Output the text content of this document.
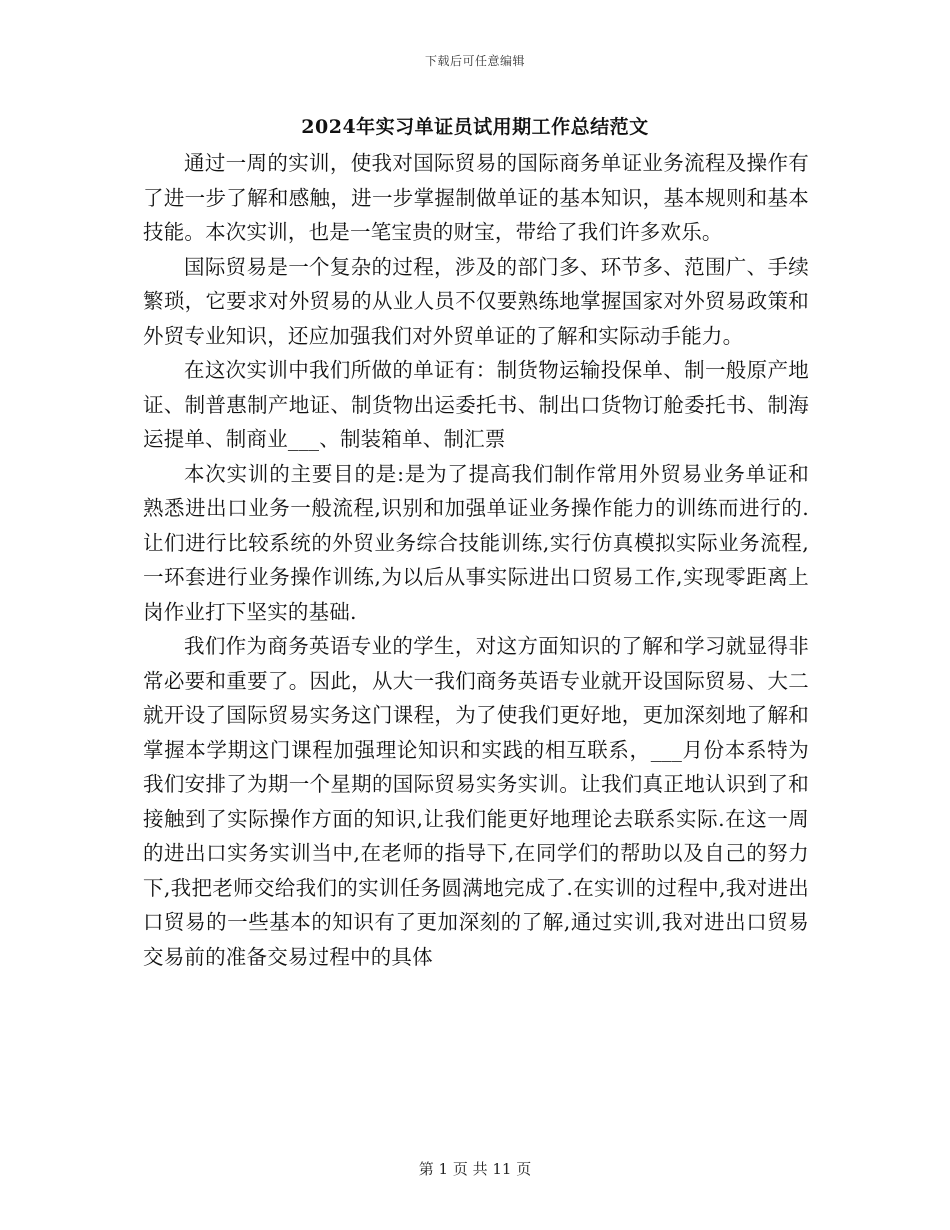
下载后可任意编辑
2024年实习单证员试用期工作总结范文

通过一周的实训，使我对国际贸易的国际商务单证业务流程及操作有了进一步了解和感触，进一步掌握制做单证的基本知识，基本规则和基本技能。本次实训，也是一笔宝贵的财宝，带给了我们许多欢乐。

国际贸易是一个复杂的过程，涉及的部门多、环节多、范围广、手续繁琐，它要求对外贸易的从业人员不仅要熟练地掌握国家对外贸易政策和外贸专业知识，还应加强我们对外贸单证的了解和实际动手能力。

在这次实训中我们所做的单证有：制货物运输投保单、制一般原产地证、制普惠制产地证、制货物出运委托书、制出口货物订舱委托书、制海运提单、制商业___、制装箱单、制汇票

本次实训的主要目的是:是为了提高我们制作常用外贸易业务单证和熟悉进出口业务一般流程,识别和加强单证业务操作能力的训练而进行的.让们进行比较系统的外贸业务综合技能训练,实行仿真模拟实际业务流程,一环套进行业务操作训练,为以后从事实际进出口贸易工作,实现零距离上岗作业打下坚实的基础.

我们作为商务英语专业的学生，对这方面知识的了解和学习就显得非常必要和重要了。因此，从大一我们商务英语专业就开设国际贸易、大二就开设了国际贸易实务这门课程，为了使我们更好地，更加深刻地了解和掌握本学期这门课程加强理论知识和实践的相互联系，___月份本系特为我们安排了为期一个星期的国际贸易实务实训。让我们真正地认识到了和接触到了实际操作方面的知识,让我们能更好地理论去联系实际.在这一周的进出口实务实训当中,在老师的指导下,在同学们的帮助以及自己的努力下,我把老师交给我们的实训任务圆满地完成了.在实训的过程中,我对进出口贸易的一些基本的知识有了更加深刻的了解,通过实训,我对进出口贸易交易前的准备交易过程中的具体

第 1 页 共 11 页
